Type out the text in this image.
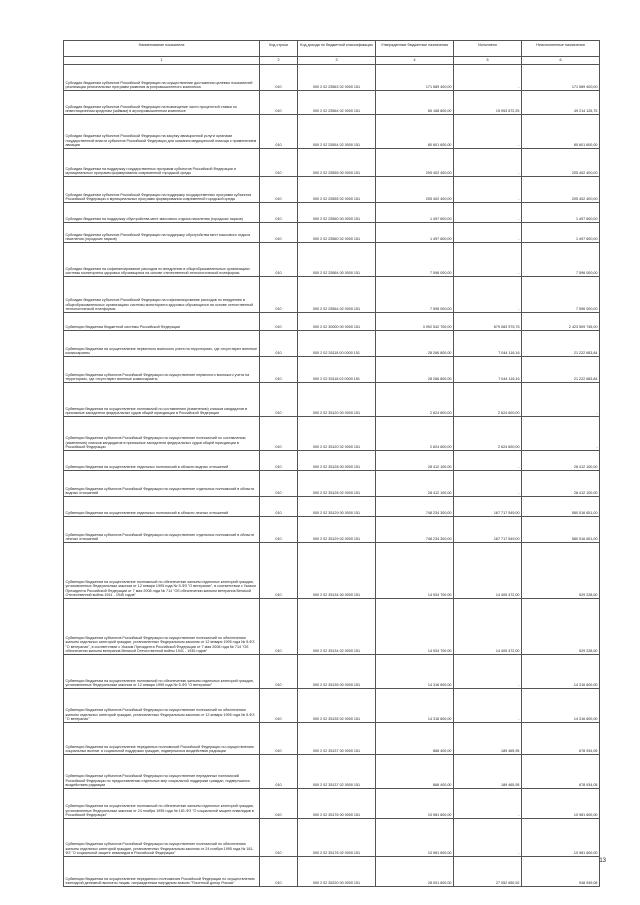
Наименование показателя	Код строки	Код дохода по бюджетной классификации	Утвержденные бюджетные назначения	Исполнено	Неисполненные назначения
1	2	3	4	5	6
Субсидии бюджетам субъектов Российской Федерации на осуществление достижения целевых показателей реализации региональных программ развития агропромышленного комплекса	010	000 2 02 25563 02 0000 151	171 589 400,00	-	171 589 400,00
Субсидии бюджетам субъектов Российской Федерации на возмещение части процентной ставки по инвестиционным кредитам (займам) в агропромышленном комплексе	010	000 2 02 25564 02 0000 151	65 168 800,00	15 953 672,25	49 214 126,75
Субсидии бюджетам субъектов Российской Федерации на закупку авиационной услуги органами государственной власти субъектов Российской Федерации для оказания медицинской помощи с применением авиации	010	000 2 02 25554 02 0000 151	80 601 600,00	-	80 601 600,00
Субсидии бюджетам на поддержку государственных программ субъектов Российской Федерации и муниципальных программ формирования современной городской среды	010	000 2 02 25555 00 0000 151	205 402 400,00	-	205 402 400,00
Субсидии бюджетам субъектов Российской Федерации на поддержку государственных программ субъектов Российской Федерации и муниципальных программ формирования современной городской среды	010	000 2 02 25555 02 0000 151	205 402 400,00	-	205 402 400,00
Субсидии бюджетам на поддержку обустройства мест массового отдыха населения (городских парков)	010	000 2 02 25560 00 0000 151	1 497 600,00	-	1 497 600,00
Субсидии бюджетам субъектов Российской Федерации на поддержку обустройства мест массового отдыха населения (городских парков)	010	000 2 02 25560 02 0000 151	1 497 600,00	-	1 497 600,00
Субсидии бюджетам на софинансирование расходов по внедрению в общеобразовательных организациях системы мониторинга здоровья обучающихся на основе отечественной технологической платформы	010	000 2 02 25564 00 0000 151	7 596 000,00	-	7 596 000,00
Субсидии бюджетам субъектов Российской Федерации на софинансирование расходов по внедрению в общеобразовательных организациях системы мониторинга здоровья обучающихся на основе отечественной технологической платформы	010	000 2 02 25564 02 0000 151	7 596 000,00	-	7 596 000,00
Субвенции бюджетам бюджетной системы Российской Федерации	010	000 2 02 30000 00 0000 151	3 092 542 700,00	679 083 975,75	2 423 509 745,00
Субвенции бюджетам на осуществление первичного воинского учета на территориях, где отсутствуют военные комиссариаты	010	000 2 02 35118 00 0000 151	28 266 800,00	7 044 116,16	21 222 683,84
Субвенции бюджетам субъектов Российской Федерации на осуществление первичного воинского учета на территориях, где отсутствуют военные комиссариаты	010	000 2 02 35118 02 0000 151	28 266 800,00	7 044 116,16	21 222 683,84
Субвенции бюджетам на осуществление полномочий по составлению (изменению) списков кандидатов в присяжные заседатели федеральных судов общей юрисдикции в Российской Федерации	010	000 2 02 35120 00 0000 151	2 624 600,00	2 624 600,00	-
Субвенции бюджетам субъектов Российской Федерации на осуществление полномочий по составлению (изменению) списков кандидатов в присяжные заседатели федеральных судов общей юрисдикции в Российской Федерации	010	000 2 02 35120 02 0000 151	2 624 600,00	2 624 600,00	-
Субвенции бюджетам на осуществление отдельных полномочий в области водных отношений	010	000 2 02 35128 00 0000 151	28 412 100,00	-	28 412 100,00
Субвенции бюджетам субъектов Российской Федерации на осуществление отдельных полномочий в области водных отношений	010	000 2 02 35128 02 0000 151	28 412 100,00	-	28 412 100,00
Субвенции бюджетам на осуществление отдельных полномочий в области лесных отношений	010	000 2 02 35129 00 0000 151	748 234 300,00	167 717 549,00	580 516 651,00
Субвенции бюджетам субъектов Российской Федерации на осуществление отдельных полномочий в области лесных отношений	010	000 2 02 35129 02 0000 151	748 234 300,00	167 717 549,00	580 516 651,00
Субвенции бюджетам на осуществление полномочий по обеспечению жильем отдельных категорий граждан, установленных Федеральным законом от 12 января 1995 года № 5-ФЗ "О ветеранах", в соответствии с Указом Президента Российской Федерации от 7 мая 2008 года № 714 "Об обеспечении жильем ветеранов Великой Отечественной войны 1941 - 1945 годов"	010	000 2 02 35134 00 0000 151	14 934 700,00	14 405 472,00	529 228,00
Субвенции бюджетам субъектов Российской Федерации на осуществление полномочий по обеспечению жильем отдельных категорий граждан, установленных Федеральным законом от 12 января 1995 года № 5-ФЗ "О ветеранах", в соответствии с Указом Президента Российской Федерации от 7 мая 2008 года № 714 "Об обеспечении жильем ветеранов Великой Отечественной войны 1941 - 1945 годов"	010	000 2 02 35134 02 0000 151	14 934 700,00	14 405 472,00	529 228,00
Субвенции бюджетам на осуществление полномочий по обеспечению жильем отдельных категорий граждан, установленных Федеральным законом от 12 января 1995 года № 5-ФЗ "О ветеранах"	010	000 2 02 35135 00 0000 151	14 316 600,00	-	14 316 600,00
Субвенции бюджетам субъектов Российской Федерации на осуществление полномочий по обеспечению жильем отдельных категорий граждан, установленных Федеральным законом от 12 января 1995 года № 5-ФЗ "О ветеранах"	010	000 2 02 35135 02 0000 151	14 316 600,00	-	14 316 600,00
Субвенции бюджетам на осуществление переданных полномочий Российской Федерации по осуществлению социальных выплат и социальной поддержки граждан, подвергшихся воздействию радиации	010	000 2 02 35137 00 0000 151	868 400,00	189 465,95	678 934,05
Субвенции бюджетам субъектов Российской Федерации на осуществление переданных полномочий Российской Федерации по предоставлению отдельных мер социальной поддержки граждан, подвергшихся воздействию радиации	010	000 2 02 35137 02 0000 151	868 400,00	189 465,95	678 934,05
Субвенции бюджетам на осуществление полномочий по обеспечению жильем отдельных категорий граждан, установленных Федеральным законом от 24 ноября 1995 года № 181-ФЗ "О социальной защите инвалидов в Российской Федерации"	010	000 2 02 35176 00 0000 151	10 981 600,00	-	10 981 600,00
Субвенции бюджетам субъектов Российской Федерации на осуществление полномочий по обеспечению жильем отдельных категорий граждан, установленных Федеральным законом от 24 ноября 1995 года № 181-ФЗ "О социальной защите инвалидов в Российской Федерации"	010	000 2 02 35176 02 0000 151	10 981 600,00	-	10 981 600,00
Субвенции бюджетам на осуществление переданного полномочия Российской Федерации по осуществлению ежегодной денежной выплаты лицам, награжденным нагрудным знаком "Почетный донор России"	010	000 2 02 35220 00 0000 151	28 001 600,00	27 052 650,92	948 949,08
13
